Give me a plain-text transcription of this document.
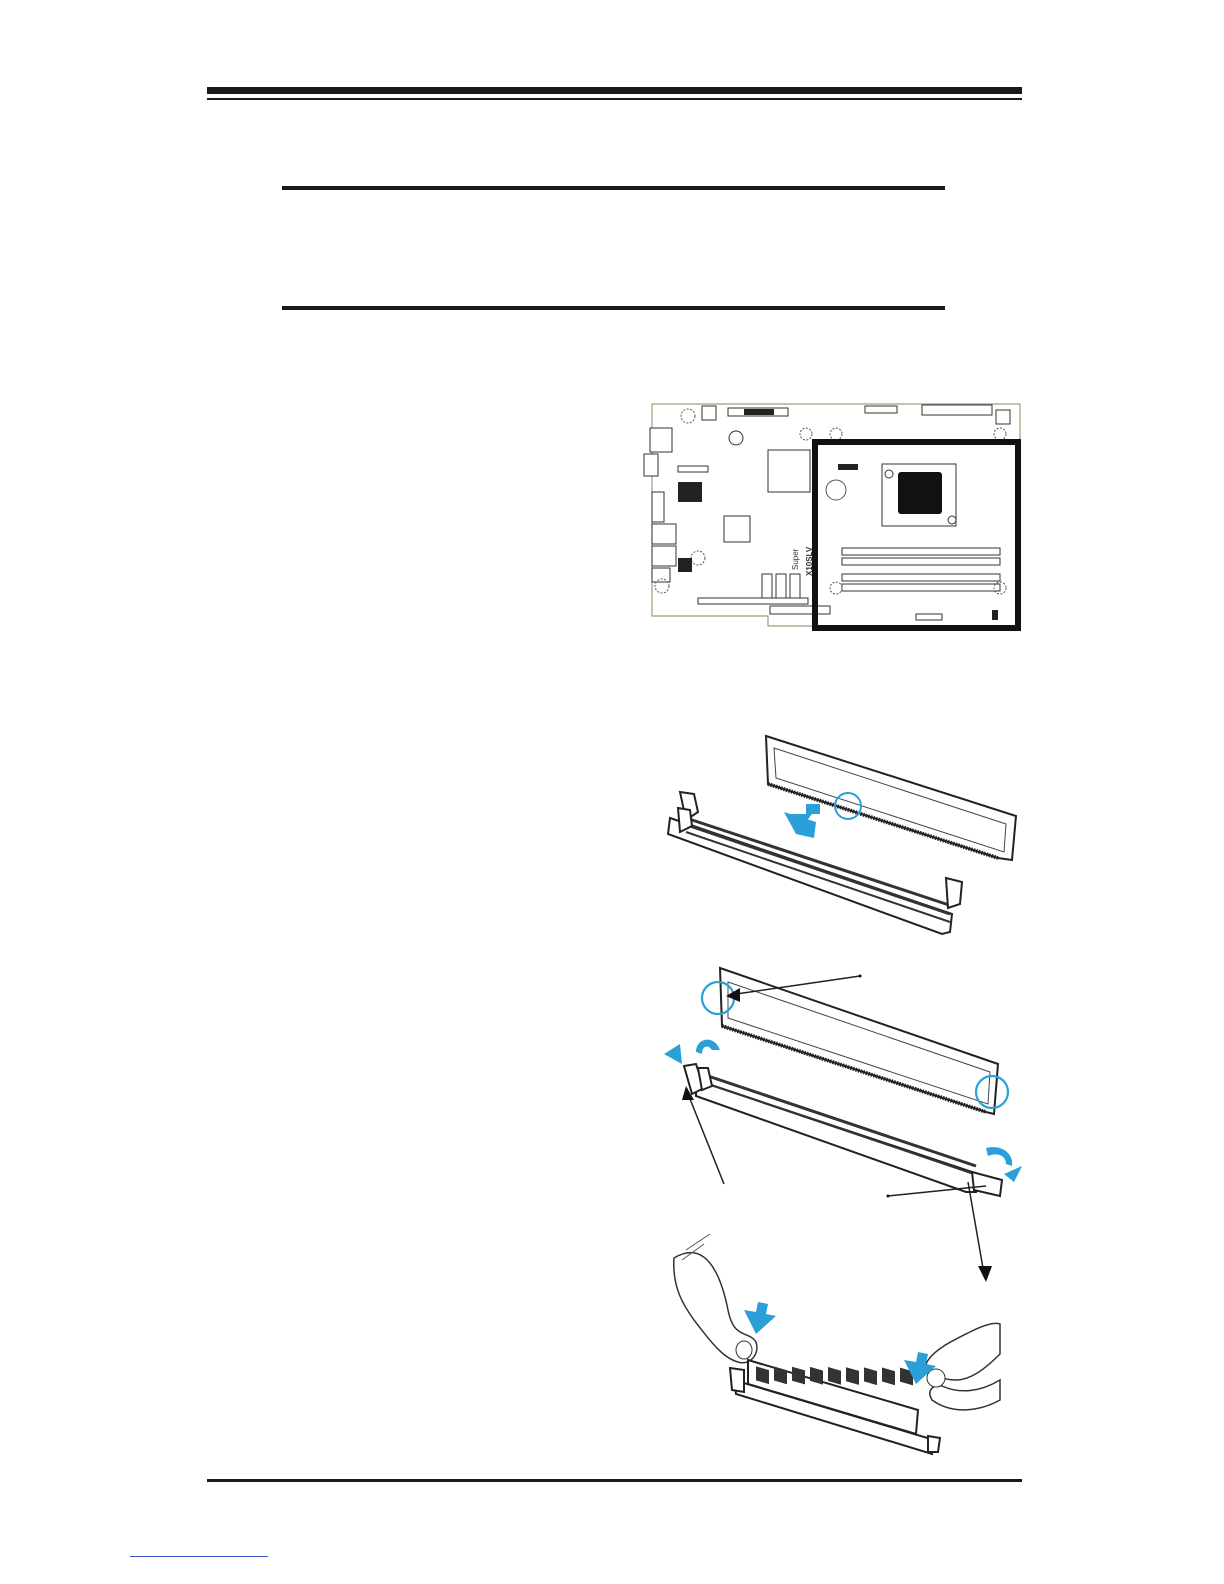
Super X10SLV
